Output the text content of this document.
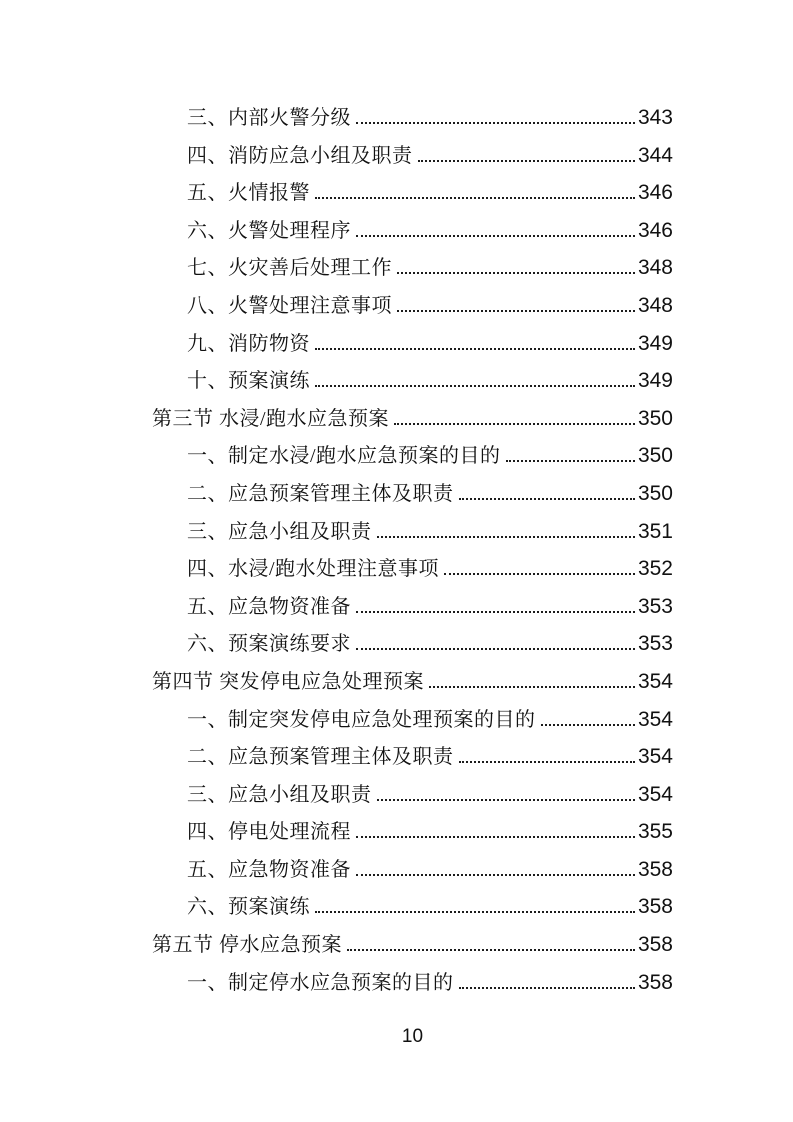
三、内部火警分级	343
四、消防应急小组及职责	344
五、火情报警	346
六、火警处理程序	346
七、火灾善后处理工作	348
八、火警处理注意事项	348
九、消防物资	349
十、预案演练	349
第三节 水浸/跑水应急预案	350
一、制定水浸/跑水应急预案的目的	350
二、应急预案管理主体及职责	350
三、应急小组及职责	351
四、水浸/跑水处理注意事项	352
五、应急物资准备	353
六、预案演练要求	353
第四节 突发停电应急处理预案	354
一、制定突发停电应急处理预案的目的	354
二、应急预案管理主体及职责	354
三、应急小组及职责	354
四、停电处理流程	355
五、应急物资准备	358
六、预案演练	358
第五节 停水应急预案	358
一、制定停水应急预案的目的	358
10
